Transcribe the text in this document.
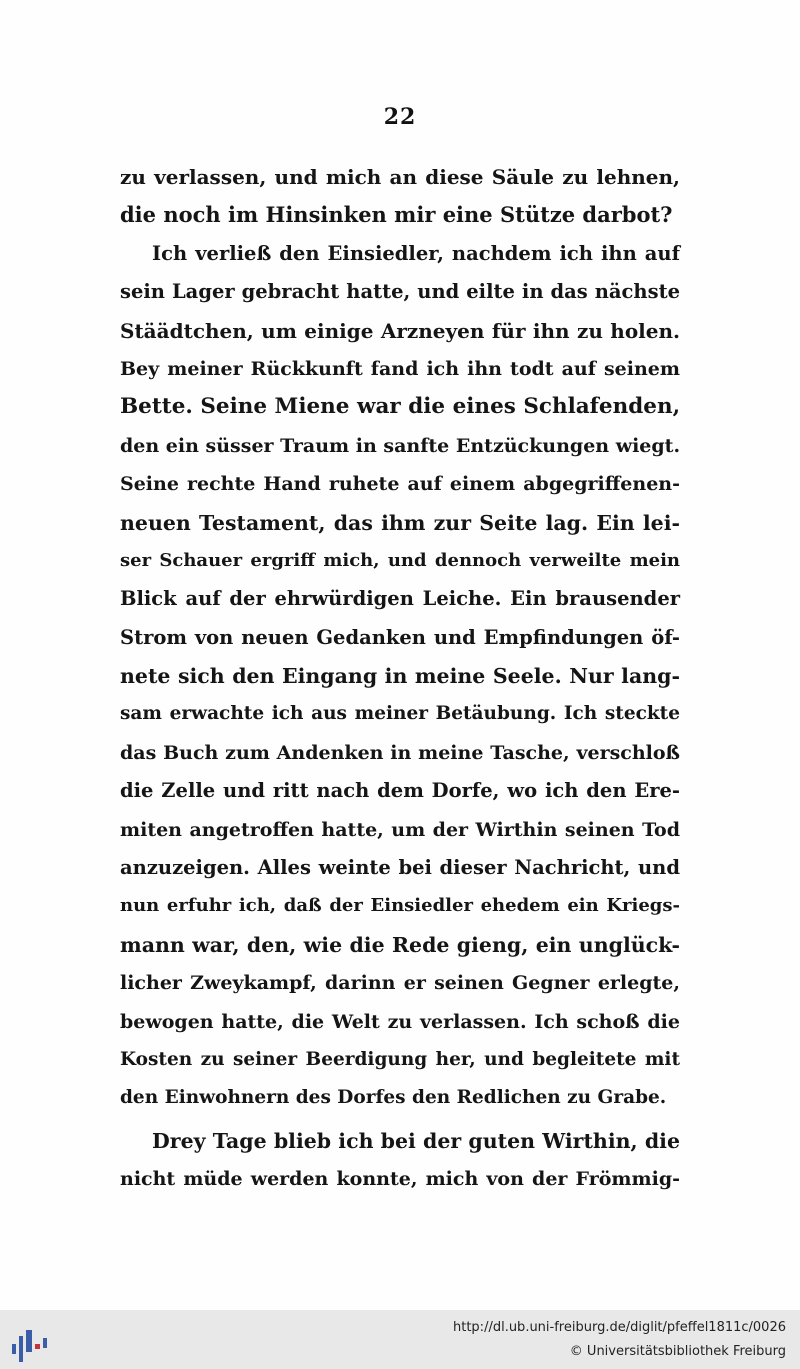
22
zu verlassen, und mich an diese Säule zu lehnen,
die noch im Hinsinken mir eine Stütze darbot?
Ich verließ den Einsiedler, nachdem ich ihn auf
sein Lager gebracht hatte, und eilte in das nächste
Stäädtchen, um einige Arzneyen für ihn zu holen.
Bey meiner Rückkunft fand ich ihn todt auf seinem
Bette. Seine Miene war die eines Schlafenden,
den ein süsser Traum in sanfte Entzückungen wiegt.
Seine rechte Hand ruhete auf einem abgegriffenen-
neuen Testament, das ihm zur Seite lag. Ein lei-
ser Schauer ergriff mich, und dennoch verweilte mein
Blick auf der ehrwürdigen Leiche. Ein brausender
Strom von neuen Gedanken und Empfindungen öf-
nete sich den Eingang in meine Seele. Nur lang-
sam erwachte ich aus meiner Betäubung. Ich steckte
das Buch zum Andenken in meine Tasche, verschloß
die Zelle und ritt nach dem Dorfe, wo ich den Ere-
miten angetroffen hatte, um der Wirthin seinen Tod
anzuzeigen. Alles weinte bei dieser Nachricht, und
nun erfuhr ich, daß der Einsiedler ehedem ein Kriegs-
mann war, den, wie die Rede gieng, ein unglück-
licher Zweykampf, darinn er seinen Gegner erlegte,
bewogen hatte, die Welt zu verlassen. Ich schoß die
Kosten zu seiner Beerdigung her, und begleitete mit
den Einwohnern des Dorfes den Redlichen zu Grabe.
Drey Tage blieb ich bei der guten Wirthin, die
nicht müde werden konnte, mich von der Frömmig-
http://dl.ub.uni-freiburg.de/diglit/pfeffel1811c/0026
© Universitätsbibliothek Freiburg
